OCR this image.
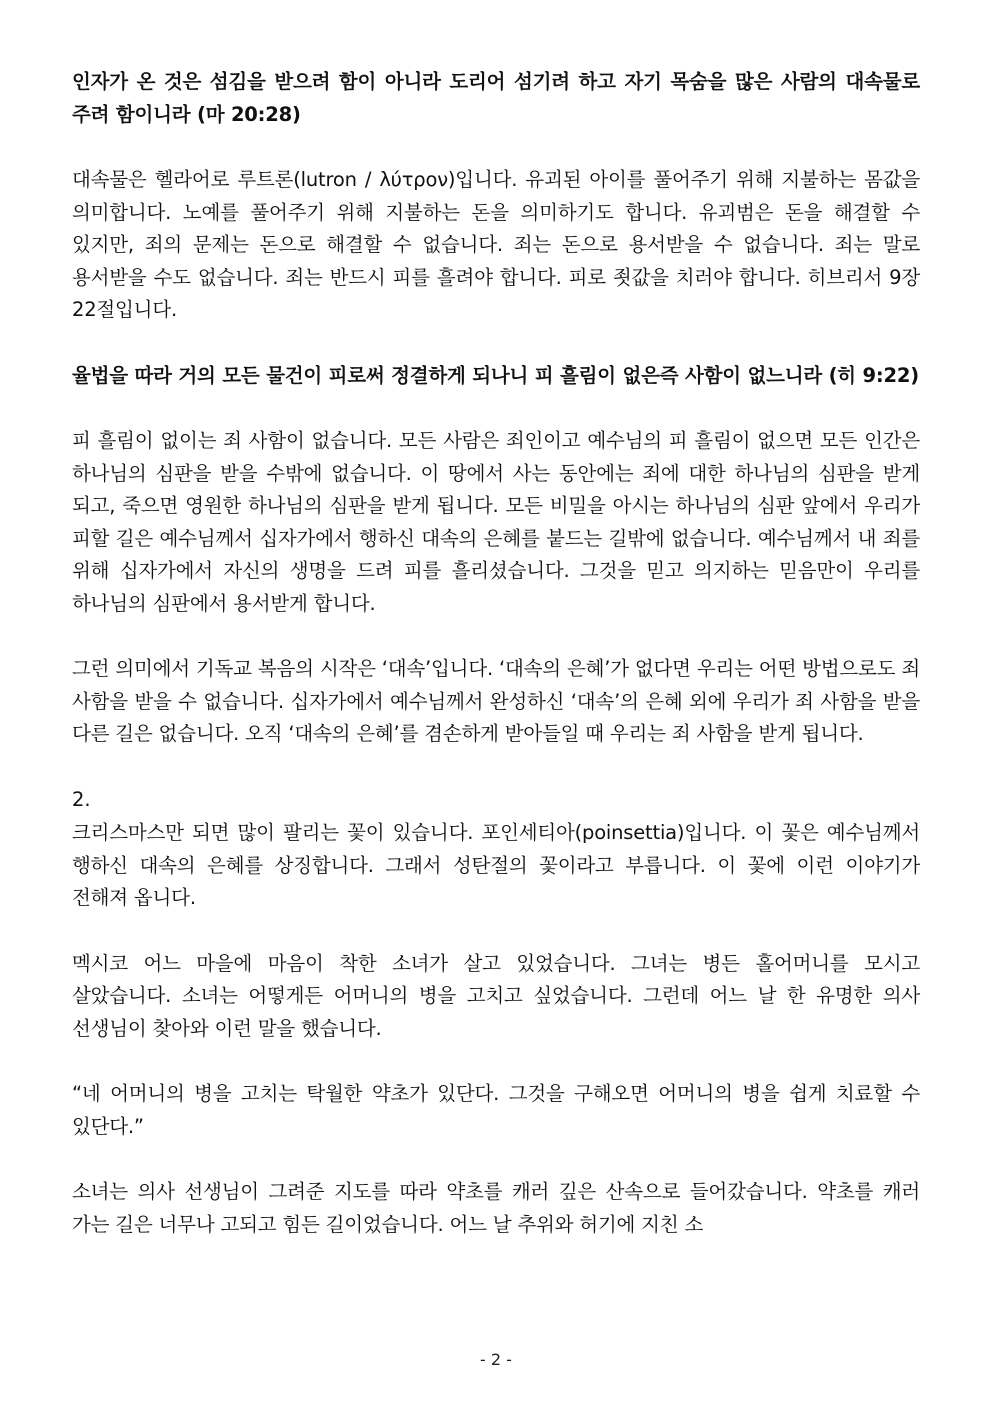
인자가 온 것은 섬김을 받으려 함이 아니라 도리어 섬기려 하고 자기 목숨을 많은 사람의 대속물로 주려 함이니라 (마 20:28)

대속물은 헬라어로 루트론(lutron / λύτρον)입니다. 유괴된 아이를 풀어주기 위해 지불하는 몸값을 의미합니다. 노예를 풀어주기 위해 지불하는 돈을 의미하기도 합니다. 유괴범은 돈을 해결할 수 있지만, 죄의 문제는 돈으로 해결할 수 없습니다. 죄는 돈으로 용서받을 수 없습니다. 죄는 말로 용서받을 수도 없습니다. 죄는 반드시 피를 흘려야 합니다. 피로 죗값을 치러야 합니다. 히브리서 9장 22절입니다.

율법을 따라 거의 모든 물건이 피로써 정결하게 되나니 피 흘림이 없은즉 사함이 없느니라 (히 9:22)

피 흘림이 없이는 죄 사함이 없습니다. 모든 사람은 죄인이고 예수님의 피 흘림이 없으면 모든 인간은 하나님의 심판을 받을 수밖에 없습니다. 이 땅에서 사는 동안에는 죄에 대한 하나님의 심판을 받게 되고, 죽으면 영원한 하나님의 심판을 받게 됩니다. 모든 비밀을 아시는 하나님의 심판 앞에서 우리가 피할 길은 예수님께서 십자가에서 행하신 대속의 은혜를 붙드는 길밖에 없습니다. 예수님께서 내 죄를 위해 십자가에서 자신의 생명을 드려 피를 흘리셨습니다. 그것을 믿고 의지하는 믿음만이 우리를 하나님의 심판에서 용서받게 합니다.

그런 의미에서 기독교 복음의 시작은 ‘대속’입니다. ‘대속의 은혜’가 없다면 우리는 어떤 방법으로도 죄 사함을 받을 수 없습니다. 십자가에서 예수님께서 완성하신 ‘대속’의 은혜 외에 우리가 죄 사함을 받을 다른 길은 없습니다. 오직 ‘대속의 은혜’를 겸손하게 받아들일 때 우리는 죄 사함을 받게 됩니다.

2.

크리스마스만 되면 많이 팔리는 꽃이 있습니다. 포인세티아(poinsettia)입니다. 이 꽃은 예수님께서 행하신 대속의 은혜를 상징합니다. 그래서 성탄절의 꽃이라고 부릅니다. 이 꽃에 이런 이야기가 전해져 옵니다.

멕시코 어느 마을에 마음이 착한 소녀가 살고 있었습니다. 그녀는 병든 홀어머니를 모시고 살았습니다. 소녀는 어떻게든 어머니의 병을 고치고 싶었습니다. 그런데 어느 날 한 유명한 의사 선생님이 찾아와 이런 말을 했습니다.

“네 어머니의 병을 고치는 탁월한 약초가 있단다. 그것을 구해오면 어머니의 병을 쉽게 치료할 수 있단다.”

소녀는 의사 선생님이 그려준 지도를 따라 약초를 캐러 깊은 산속으로 들어갔습니다. 약초를 캐러 가는 길은 너무나 고되고 힘든 길이었습니다. 어느 날 추위와 허기에 지친 소

- 2 -
